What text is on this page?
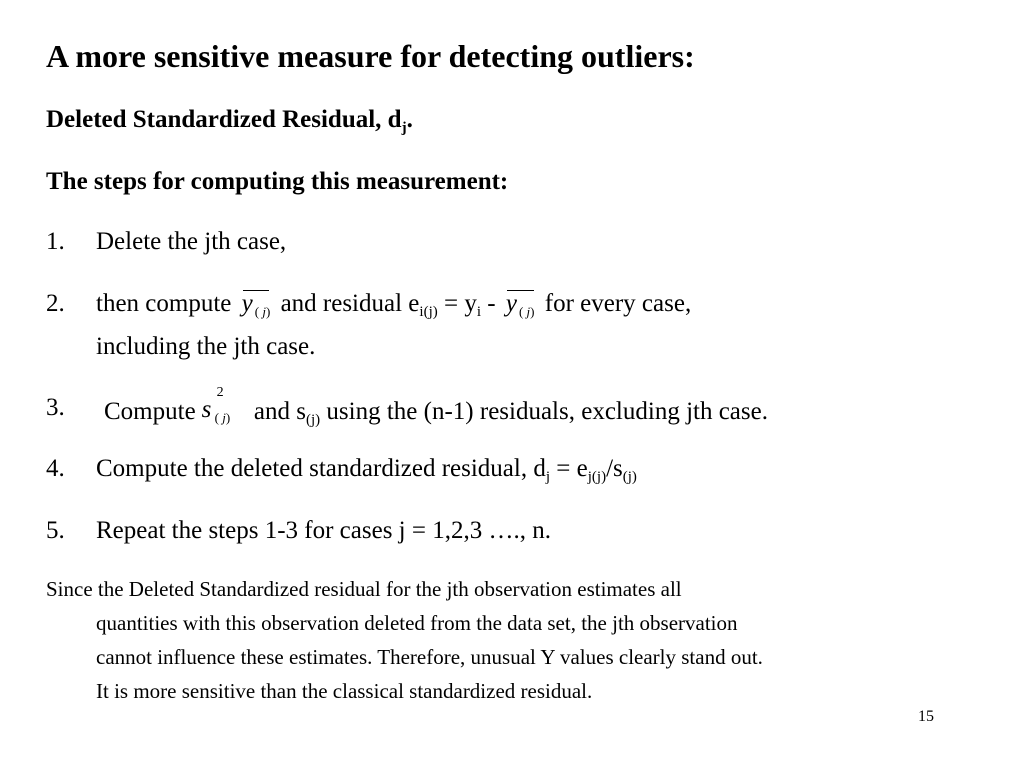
A more sensitive measure for detecting outliers:
Deleted Standardized Residual, $d_j$.
The steps for computing this measurement:
1. Delete the jth case,
2. then compute y $_{( j)}$ and residual $e_{i(j)} = y_i - y$ $_{( j)}$ for every case,
including the jth case.
3. Compute s
2
( j) and $s_{(j)}$ using the (n-1) residuals, excluding jth case.
4. Compute the deleted standardized residual, $d_j = e_{j(j)}/s_{(j)}$
5. Repeat the steps 1-3 for cases j = 1,2,3 …., n.
Since the Deleted Standardized residual for the jth observation estimates all
quantities with this observation deleted from the data set, the jth observation
cannot influence these estimates. Therefore, unusual Y values clearly stand out.
It is more sensitive than the classical standardized residual.
15
